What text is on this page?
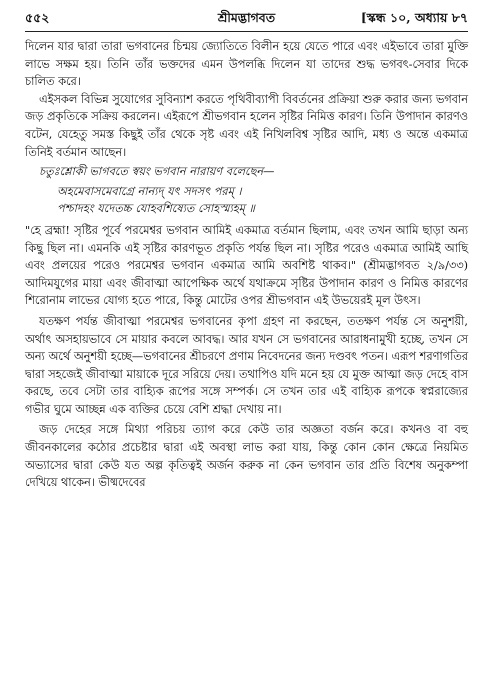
৫৫২	শ্রীমদ্ভাগবত	[স্কন্ধ ১০, অধ্যায় ৮৭

দিলেন যার দ্বারা তারা ভগবানের চিন্ময় জ্যোতিতে বিলীন হয়ে যেতে পারে এবং এইভাবে তারা মুক্তি লাভে সক্ষম হয়। তিনি তাঁর ভক্তদের এমন উপলব্ধি দিলেন যা তাদের শুদ্ধ ভগবৎ-সেবার দিকে চালিত করে।

এইসকল বিভিন্ন সুযোগের সুবিন্যাশ করতে পৃথিবীব্যাপী বিবর্তনের প্রক্রিয়া শুরু করার জন্য ভগবান জড় প্রকৃতিকে সক্রিয় করলেন। এইরূপে শ্রীভগবান হলেন সৃষ্টির নিমিত্ত কারণ। তিনি উপাদান কারণও বটেন, যেহেতু সমস্ত কিছুই তাঁর থেকে সৃষ্ট এবং এই নিখিলবিশ্ব সৃষ্টির আদি, মধ্য ও অন্তে একমাত্র তিনিই বর্তমান আছেন।

চতুঃশ্লোকী ভাগবতে স্বয়ং ভগবান নারায়ণ বলেছেন—

অহমেবাসমেবাগ্রে নান্যদ্ যৎ সদসৎ পরম্ ।
পশ্চাদহং যদেতচ্চ যোহবশিষ্যেত সোহস্ম্যহম্ ॥

"হে ব্রহ্মা! সৃষ্টির পূর্বে পরমেশ্বর ভগবান আমিই একমাত্র বর্তমান ছিলাম, এবং তখন আমি ছাড়া অন্য কিছু ছিল না। এমনকি এই সৃষ্টির কারণভূত প্রকৃতি পর্যন্ত ছিল না। সৃষ্টির পরেও একমাত্র আমিই আছি এবং প্রলয়ের পরেও পরমেশ্বর ভগবান একমাত্র আমি অবশিষ্ট থাকব।" (শ্রীমদ্ভাগবত ২/৯/৩৩) আদিমযুগের মায়া এবং জীবাত্মা আপেক্ষিক অর্থে যথাক্রমে সৃষ্টির উপাদান কারণ ও নিমিত্ত কারণের শিরোনাম লাভের যোগ্য হতে পারে, কিন্তু মোটের ওপর শ্রীভগবান এই উভয়েরই মূল উৎস।

যতক্ষণ পর্যন্ত জীবাত্মা পরমেশ্বর ভগবানের কৃপা গ্রহণ না করছেন, ততক্ষণ পর্যন্ত সে অনুশয়ী, অর্থাৎ অসহায়ভাবে সে মায়ার কবলে আবদ্ধ। আর যখন সে ভগবানের আরাধনামুখী হচ্ছে, তখন সে অন্য অর্থে অনুশয়ী হচ্ছে—ভগবানের শ্রীচরণে প্রণাম নিবেদনের জন্য দণ্ডবৎ পতন। এরূপ শরণাগতির দ্বারা সহজেই জীবাত্মা মায়াকে দূরে সরিয়ে দেয়। তথাপিও যদি মনে হয় যে মুক্ত আত্মা জড় দেহে বাস করছে, তবে সেটা তার বাহ্যিক রূপের সঙ্গে সম্পর্ক। সে তখন তার এই বাহ্যিক রূপকে স্বপ্নরাজ্যের গভীর ঘুমে আচ্ছন্ন এক ব্যক্তির চেয়ে বেশি শ্রদ্ধা দেখায় না।

জড় দেহের সঙ্গে মিথ্যা পরিচয় ত্যাগ করে কেউ তার অজ্ঞতা বর্জন করে। কখনও বা বহু জীবনকালের কঠোর প্রচেষ্টার দ্বারা এই অবস্থা লাভ করা যায়, কিন্তু কোন কোন ক্ষেত্রে নিয়মিত অভ্যাসের দ্বারা কেউ যত অল্প কৃতিত্বই অর্জন করুক না কেন ভগবান তার প্রতি বিশেষ অনুকম্পা দেখিয়ে থাকেন। ভীষ্মদেবের
